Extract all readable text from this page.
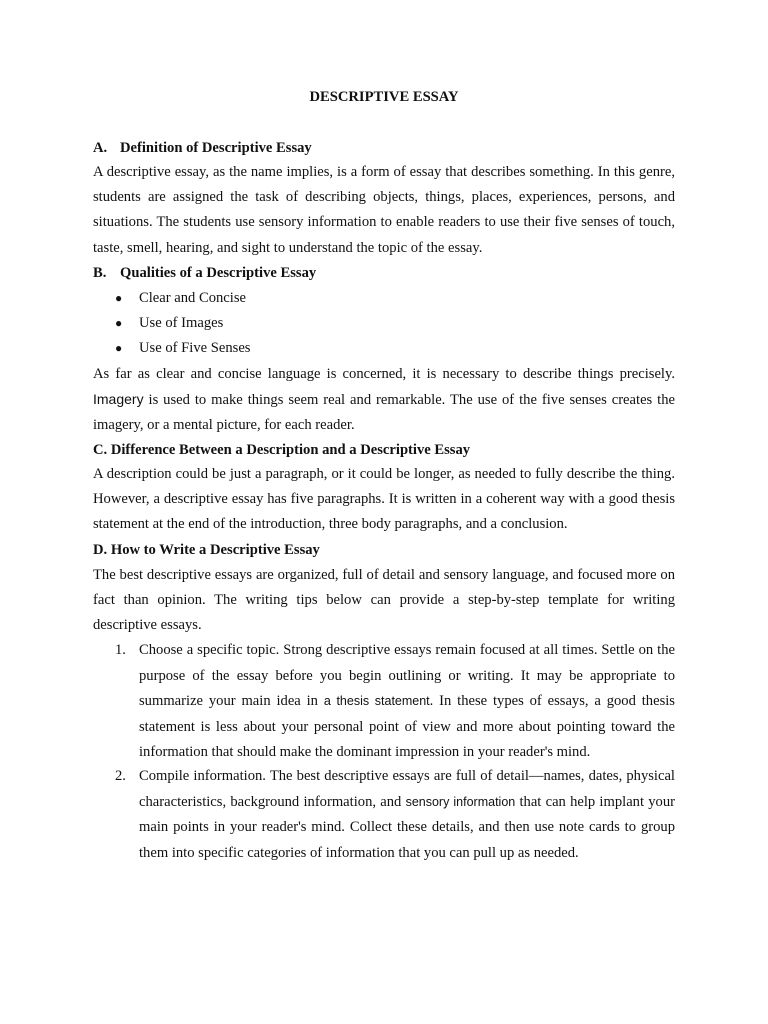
DESCRIPTIVE ESSAY
A. Definition of Descriptive Essay
A descriptive essay, as the name implies, is a form of essay that describes something. In this genre, students are assigned the task of describing objects, things, places, experiences, persons, and situations. The students use sensory information to enable readers to use their five senses of touch, taste, smell, hearing, and sight to understand the topic of the essay.
B. Qualities of a Descriptive Essay
● Clear and Concise
● Use of Images
● Use of Five Senses
As far as clear and concise language is concerned, it is necessary to describe things precisely. Imagery is used to make things seem real and remarkable. The use of the five senses creates the imagery, or a mental picture, for each reader.
C. Difference Between a Description and a Descriptive Essay
A description could be just a paragraph, or it could be longer, as needed to fully describe the thing. However, a descriptive essay has five paragraphs. It is written in a coherent way with a good thesis statement at the end of the introduction, three body paragraphs, and a conclusion.
D. How to Write a Descriptive Essay
The best descriptive essays are organized, full of detail and sensory language, and focused more on fact than opinion. The writing tips below can provide a step-by-step template for writing descriptive essays.
1. Choose a specific topic. Strong descriptive essays remain focused at all times. Settle on the purpose of the essay before you begin outlining or writing. It may be appropriate to summarize your main idea in a thesis statement. In these types of essays, a good thesis statement is less about your personal point of view and more about pointing toward the information that should make the dominant impression in your reader's mind.
2. Compile information. The best descriptive essays are full of detail—names, dates, physical characteristics, background information, and sensory information that can help implant your main points in your reader's mind. Collect these details, and then use note cards to group them into specific categories of information that you can pull up as needed.
